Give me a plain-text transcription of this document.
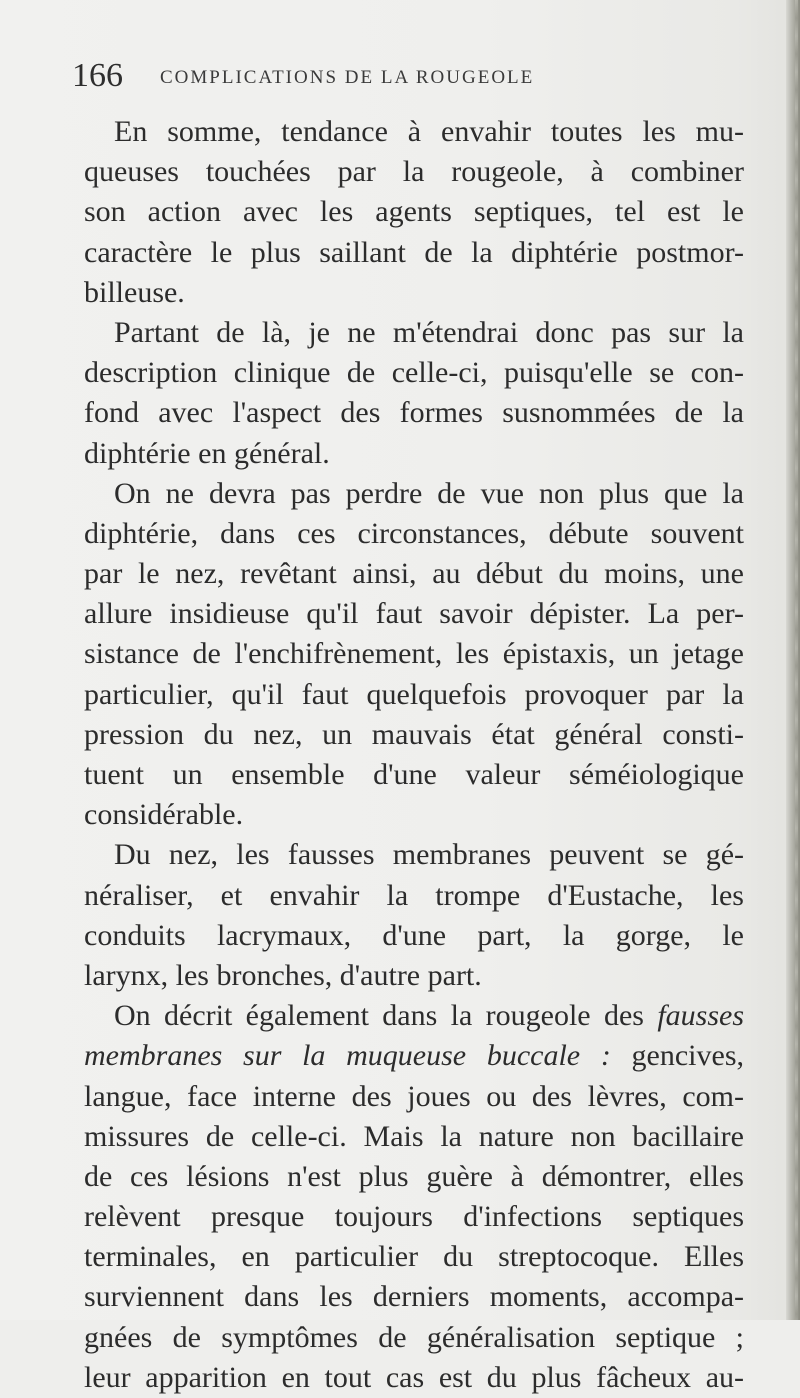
166 COMPLICATIONS DE LA ROUGEOLE
En somme, tendance à envahir toutes les mu-
queuses touchées par la rougeole, à combiner
son action avec les agents septiques, tel est le
caractère le plus saillant de la diphtérie postmor-
billeuse.
Partant de là, je ne m'étendrai donc pas sur la
description clinique de celle-ci, puisqu'elle se con-
fond avec l'aspect des formes susnommées de la
diphtérie en général.
On ne devra pas perdre de vue non plus que la
diphtérie, dans ces circonstances, débute souvent
par le nez, revêtant ainsi, au début du moins, une
allure insidieuse qu'il faut savoir dépister. La per-
sistance de l'enchifrènement, les épistaxis, un jetage
particulier, qu'il faut quelquefois provoquer par la
pression du nez, un mauvais état général consti-
tuent un ensemble d'une valeur séméiologique
considérable.
Du nez, les fausses membranes peuvent se gé-
néraliser, et envahir la trompe d'Eustache, les
conduits lacrymaux, d'une part, la gorge, le
larynx, les bronches, d'autre part.
On décrit également dans la rougeole des fausses
membranes sur la muqueuse buccale : gencives,
langue, face interne des joues ou des lèvres, com-
missures de celle-ci. Mais la nature non bacillaire
de ces lésions n'est plus guère à démontrer, elles
relèvent presque toujours d'infections septiques
terminales, en particulier du streptocoque. Elles
surviennent dans les derniers moments, accompa-
gnées de symptômes de généralisation septique ;
leur apparition en tout cas est du plus fâcheux au-
